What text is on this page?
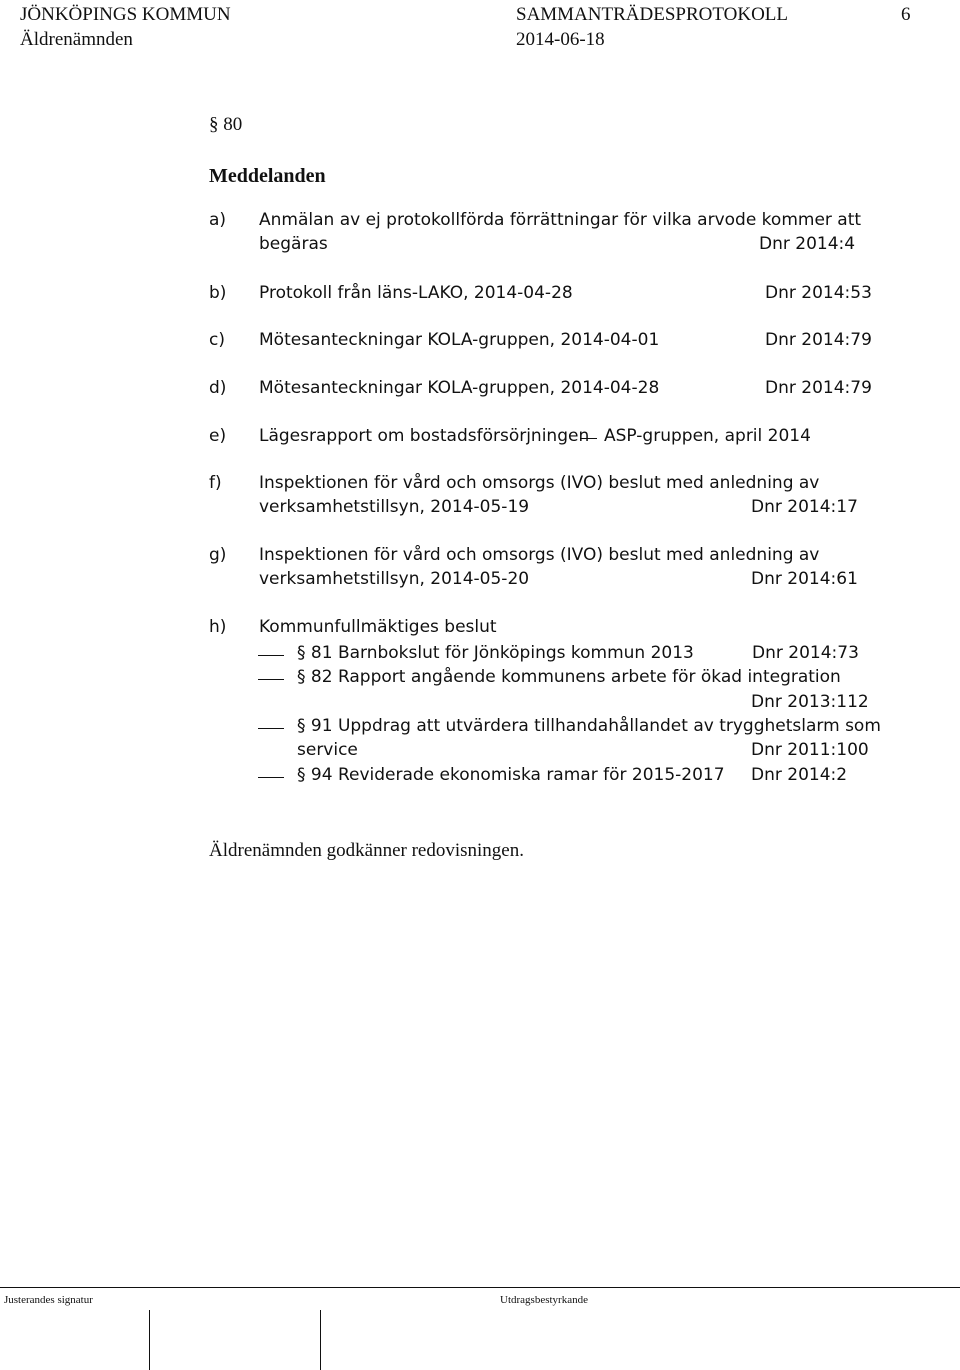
JÖNKÖPINGS KOMMUN
Äldrenämnden
SAMMANTRÄDESPROTOKOLL
2014-06-18
6
§ 80
Meddelanden
a) Anmälan av ej protokollförda förrättningar för vilka arvode kommer att
begäras	Dnr 2014:4
b) Protokoll från läns-LAKO, 2014-04-28	Dnr 2014:53
c) Mötesanteckningar KOLA-gruppen, 2014-04-01	Dnr 2014:79
d) Mötesanteckningar KOLA-gruppen, 2014-04-28	Dnr 2014:79
e) Lägesrapport om bostadsförsörjningen ASP-gruppen, april 2014
f) Inspektionen för vård och omsorgs (IVO) beslut med anledning av
verksamhetstillsyn, 2014-05-19	Dnr 2014:17
g) Inspektionen för vård och omsorgs (IVO) beslut med anledning av
verksamhetstillsyn, 2014-05-20	Dnr 2014:61
h) Kommunfullmäktiges beslut
§ 81 Barnbokslut för Jönköpings kommun 2013	Dnr 2014:73
§ 82 Rapport angående kommunens arbete för ökad integration
Dnr 2013:112
§ 91 Uppdrag att utvärdera tillhandahållandet av trygghetslarm som
service	Dnr 2011:100
§ 94 Reviderade ekonomiska ramar för 2015-2017 Dnr 2014:2
Äldrenämnden godkänner redovisningen.
Justerandes signatur	Utdragsbestyrkande
